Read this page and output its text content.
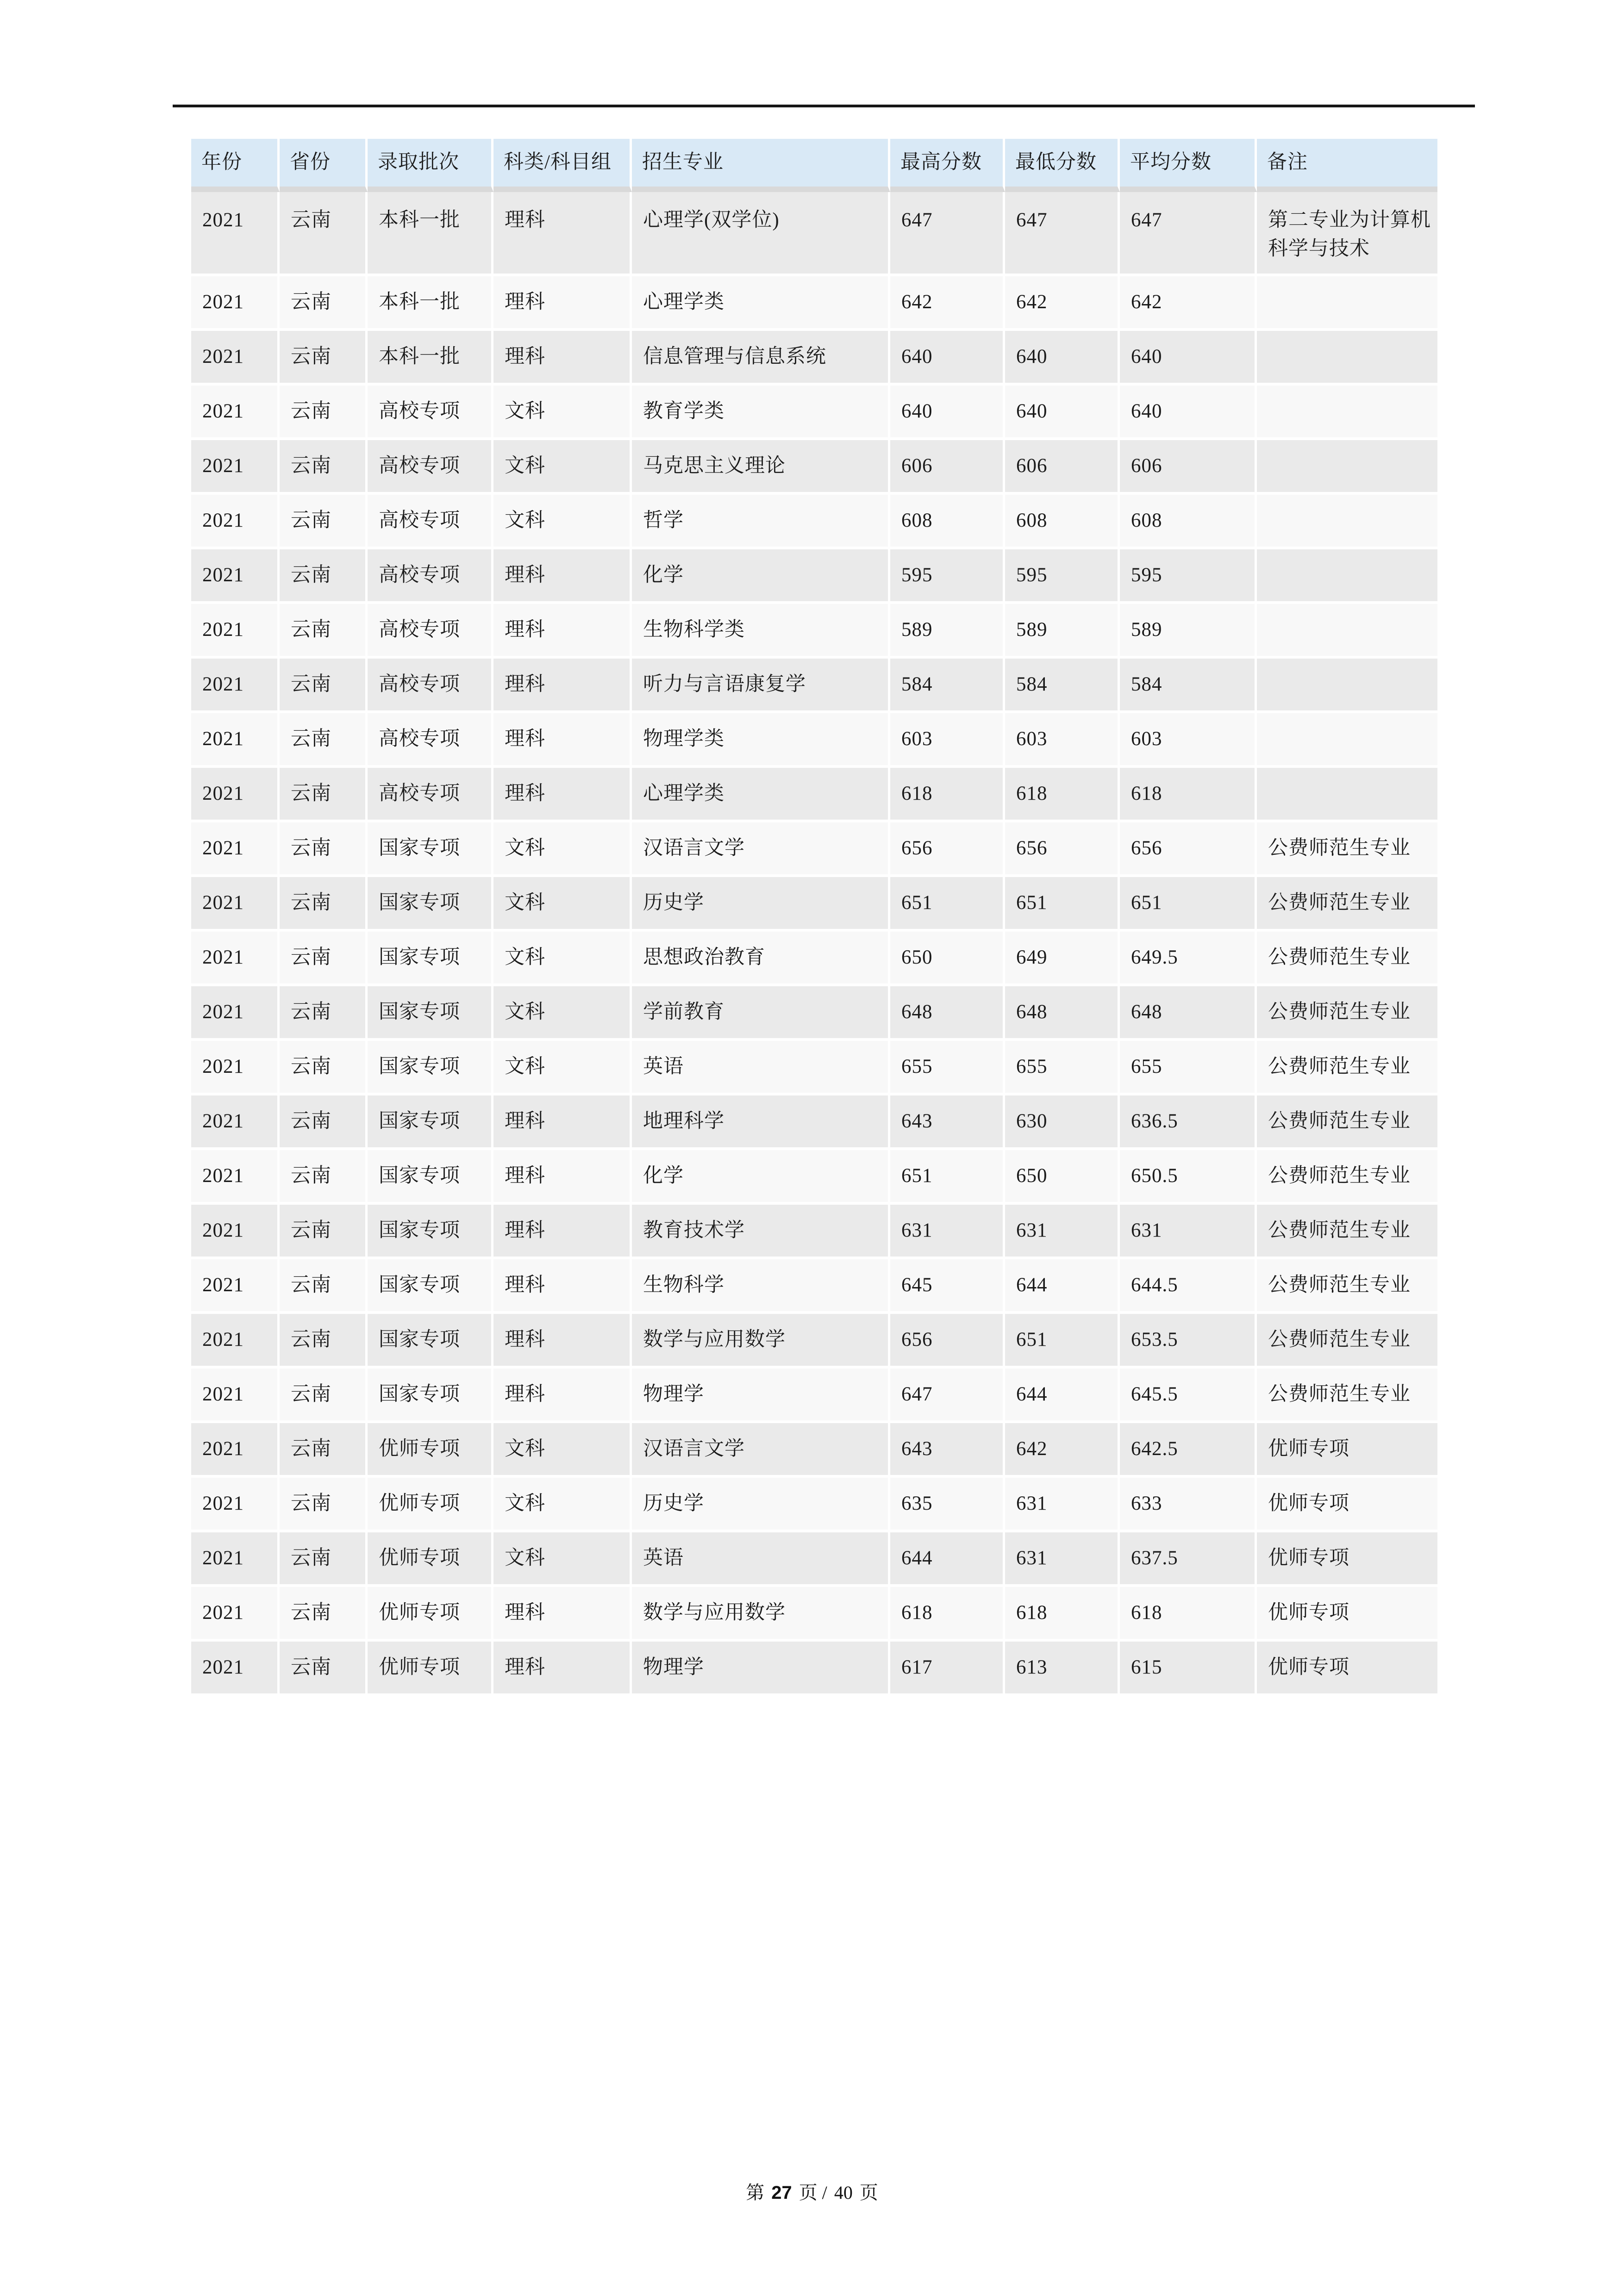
年份	省份	录取批次	科类/科目组	招生专业	最高分数	最低分数	平均分数	备注
2021	云南	本科一批	理科	心理学(双学位)	647	647	647	第二专业为计算机科学与技术
2021	云南	本科一批	理科	心理学类	642	642	642	
2021	云南	本科一批	理科	信息管理与信息系统	640	640	640	
2021	云南	高校专项	文科	教育学类	640	640	640	
2021	云南	高校专项	文科	马克思主义理论	606	606	606	
2021	云南	高校专项	文科	哲学	608	608	608	
2021	云南	高校专项	理科	化学	595	595	595	
2021	云南	高校专项	理科	生物科学类	589	589	589	
2021	云南	高校专项	理科	听力与言语康复学	584	584	584	
2021	云南	高校专项	理科	物理学类	603	603	603	
2021	云南	高校专项	理科	心理学类	618	618	618	
2021	云南	国家专项	文科	汉语言文学	656	656	656	公费师范生专业
2021	云南	国家专项	文科	历史学	651	651	651	公费师范生专业
2021	云南	国家专项	文科	思想政治教育	650	649	649.5	公费师范生专业
2021	云南	国家专项	文科	学前教育	648	648	648	公费师范生专业
2021	云南	国家专项	文科	英语	655	655	655	公费师范生专业
2021	云南	国家专项	理科	地理科学	643	630	636.5	公费师范生专业
2021	云南	国家专项	理科	化学	651	650	650.5	公费师范生专业
2021	云南	国家专项	理科	教育技术学	631	631	631	公费师范生专业
2021	云南	国家专项	理科	生物科学	645	644	644.5	公费师范生专业
2021	云南	国家专项	理科	数学与应用数学	656	651	653.5	公费师范生专业
2021	云南	国家专项	理科	物理学	647	644	645.5	公费师范生专业
2021	云南	优师专项	文科	汉语言文学	643	642	642.5	优师专项
2021	云南	优师专项	文科	历史学	635	631	633	优师专项
2021	云南	优师专项	文科	英语	644	631	637.5	优师专项
2021	云南	优师专项	理科	数学与应用数学	618	618	618	优师专项
2021	云南	优师专项	理科	物理学	617	613	615	优师专项
第 27 页 / 40 页
